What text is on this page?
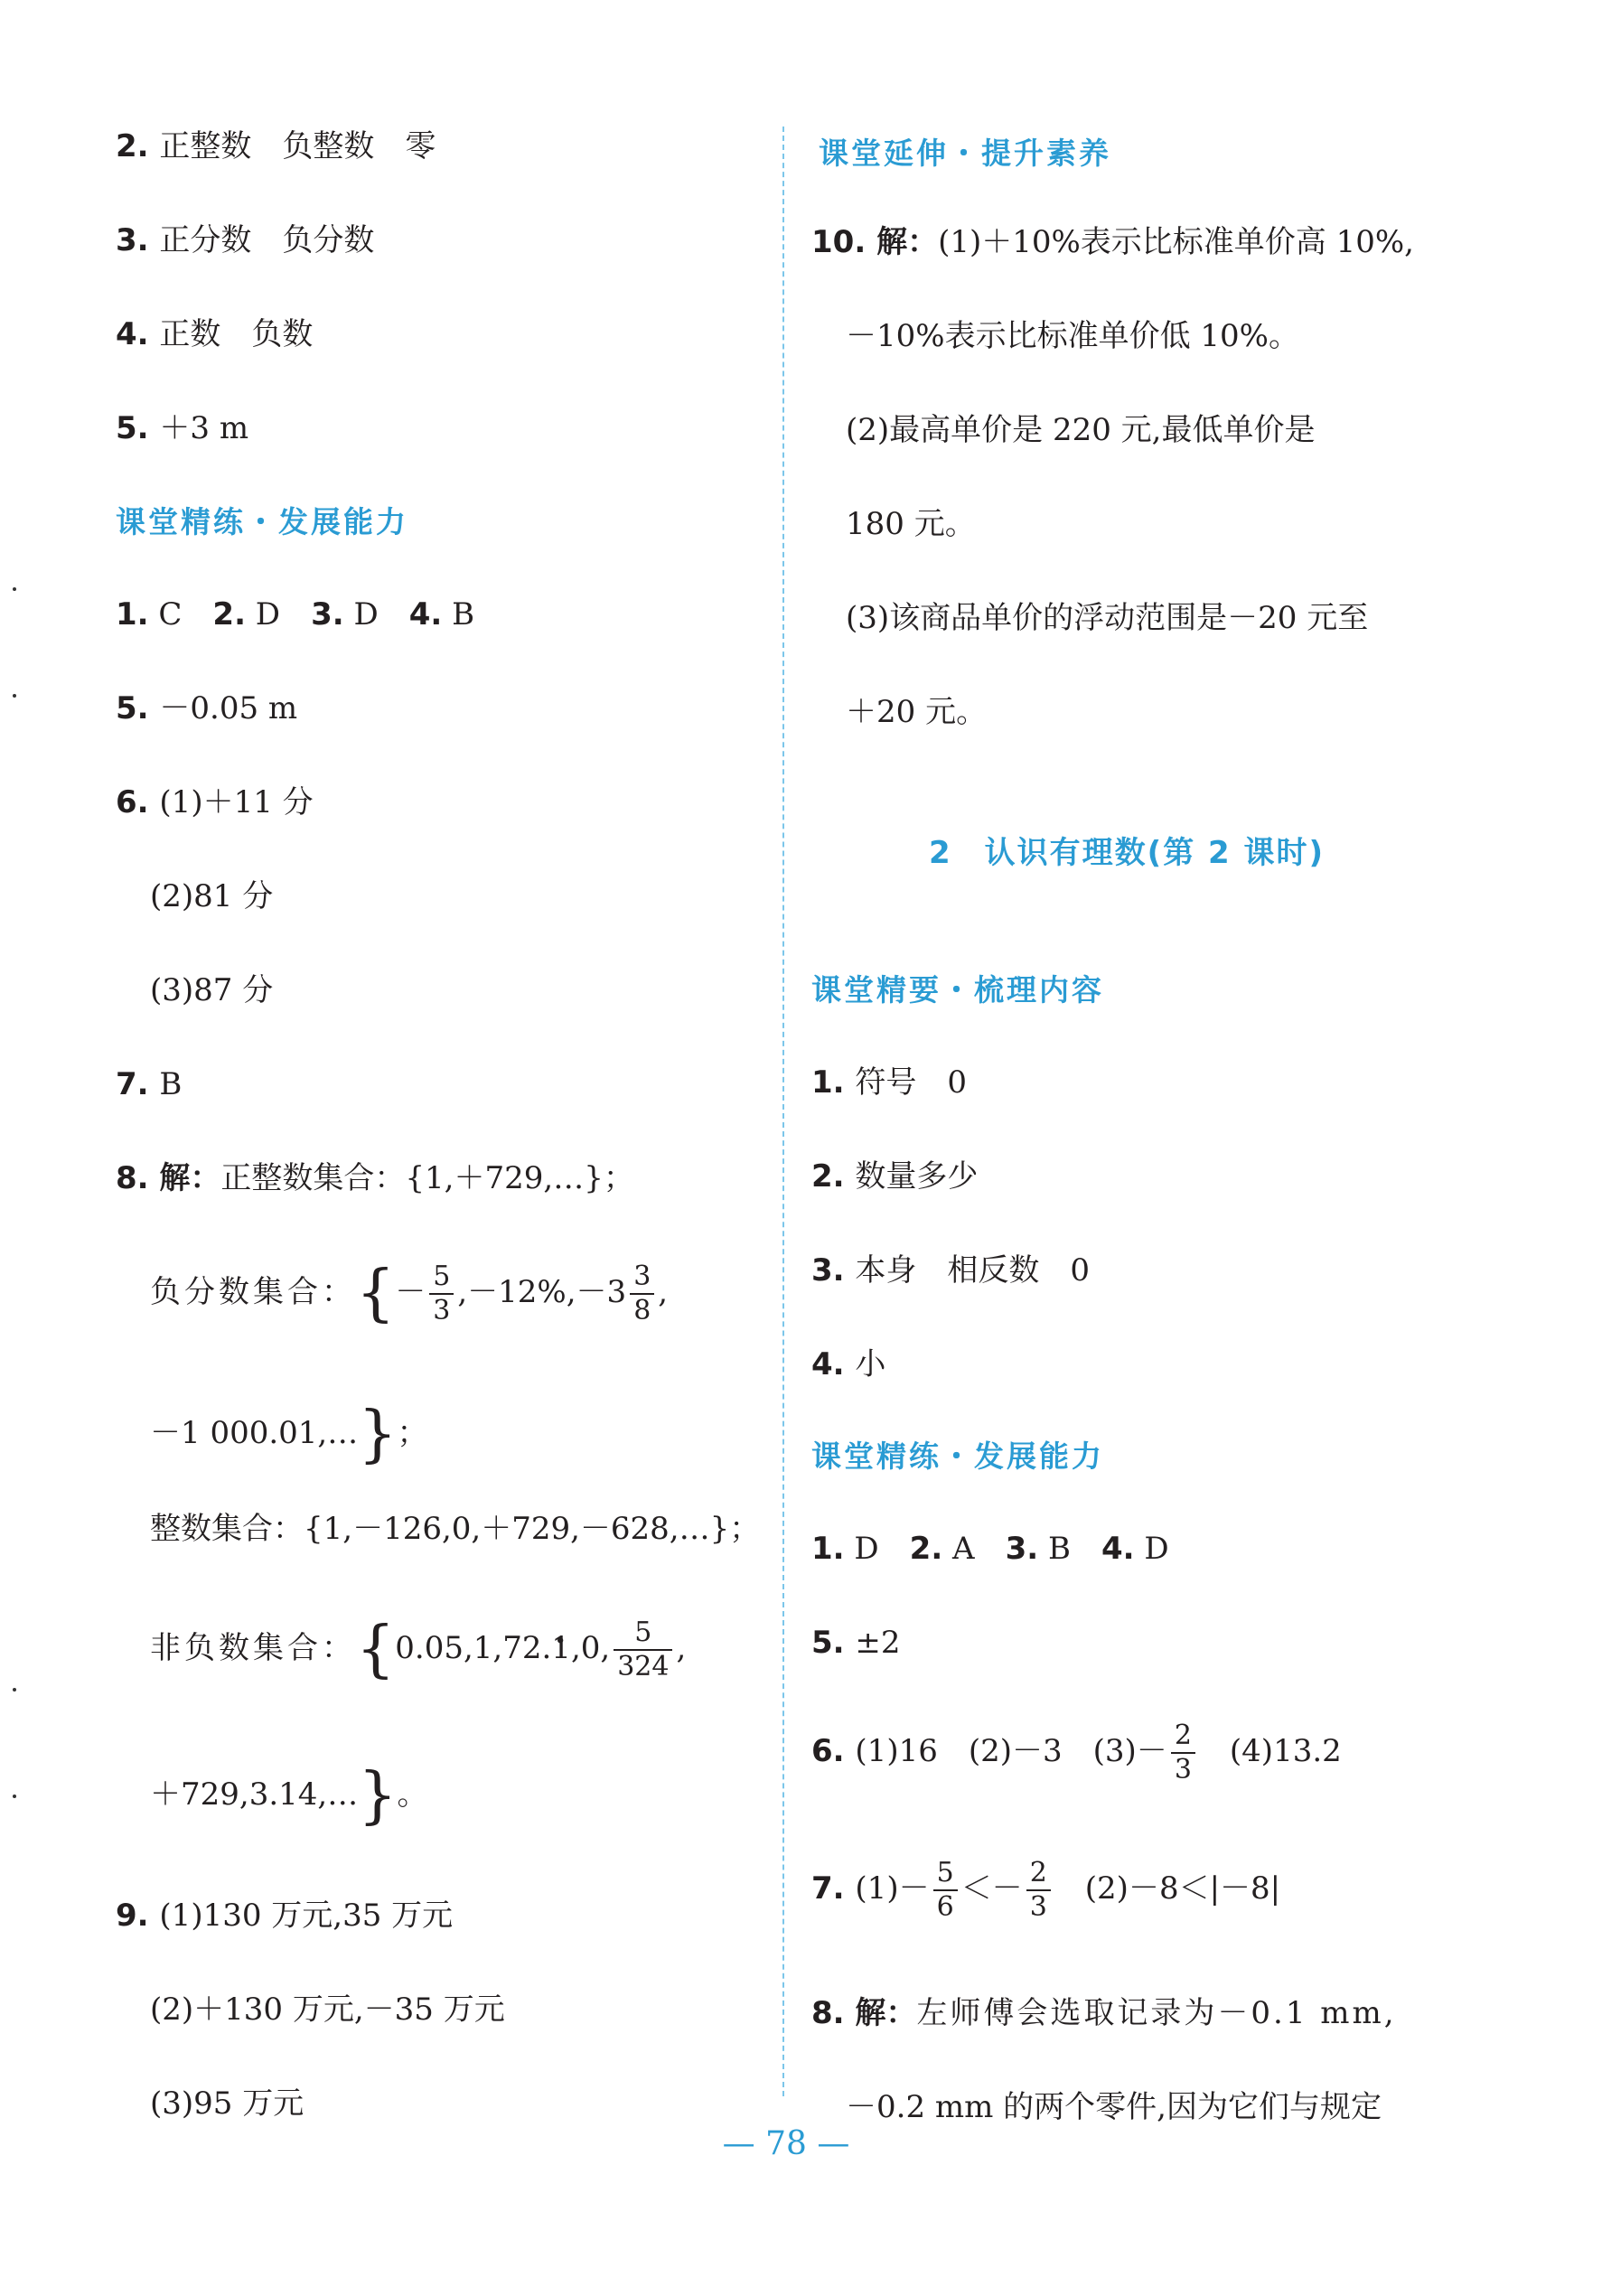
2. 正整数　负整数　零
3. 正分数　负分数
4. 正数　负数
5. ＋3 m
课堂精练・发展能力
1. C　2. D　3. D　4. B
5. －0.05 m
6. (1)＋11 分
(2)81 分
(3)87 分
7. B
8. 解：正整数集合：{1,＋729,…}；
负分数集合：{－ $\frac{5}{3} ,-12\%,-3 \frac{3}{8}$ ,
－1 000.01,…}；
整数集合：{1,－126,0,＋729,－628,…}；
非负数集合：{0.05,1,72.· 1,0, $\frac{5}{324}$ ,
＋729,3.14,…}。
9. (1)130 万元,35 万元
(2)＋130 万元,－35 万元
(3)95 万元
课堂延伸・提升素养
10. 解：(1)＋10%表示比标准单价高 10%,
－10%表示比标准单价低 10%。
(2)最高单价是 220 元,最低单价是
180 元。
(3)该商品单价的浮动范围是－20 元至
＋20 元。
2　认识有理数(第 2 课时)
课堂精要・梳理内容
1. 符号　0
2. 数量多少
3. 本身　相反数　0
4. 小
课堂精练・发展能力
1. D　2. A　3. B　4. D
5. ±2
6. (1)16　(2)－3　$(3)- \frac{2}{3}$ 　(4)13.2
7. $(1)- \frac{5}{6} <- \frac{2}{3}$ 　(2)－8＜|－8|
8. 解：左师傅会选取记录为－0.1 mm,
－0.2 mm 的两个零件,因为它们与规定
— 78 —
